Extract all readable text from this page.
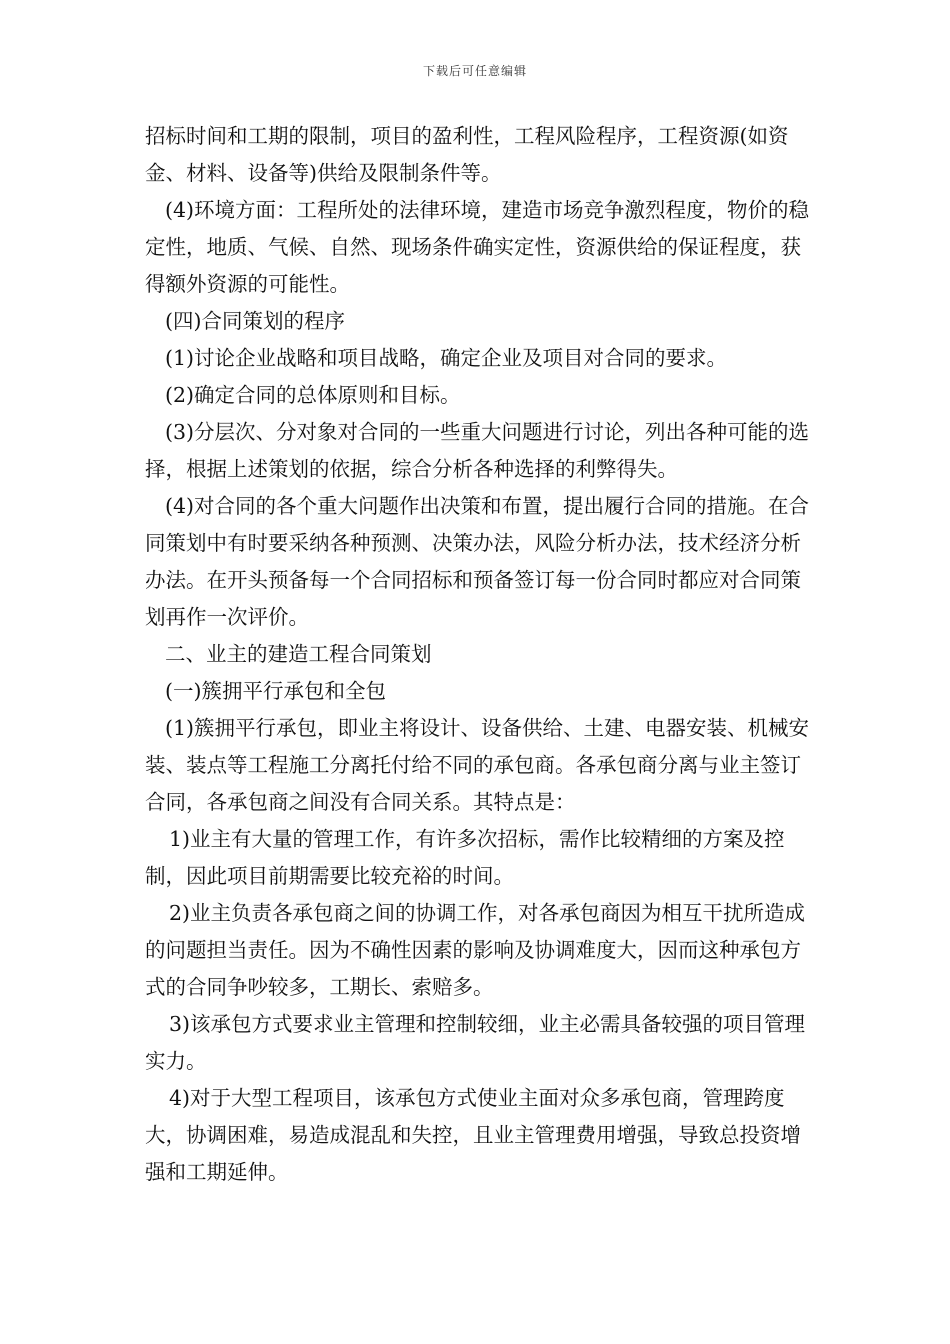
下载后可任意编辑

招标时间和工期的限制，项目的盈利性，工程风险程序，工程资源(如资金、材料、设备等)供给及限制条件等。

(4)环境方面：工程所处的法律环境，建造市场竞争激烈程度，物价的稳定性，地质、气候、自然、现场条件确实定性，资源供给的保证程度，获得额外资源的可能性。

(四)合同策划的程序

(1)讨论企业战略和项目战略，确定企业及项目对合同的要求。

(2)确定合同的总体原则和目标。

(3)分层次、分对象对合同的一些重大问题进行讨论，列出各种可能的选择，根据上述策划的依据，综合分析各种选择的利弊得失。

(4)对合同的各个重大问题作出决策和布置，提出履行合同的措施。在合同策划中有时要采纳各种预测、决策办法，风险分析办法，技术经济分析办法。在开头预备每一个合同招标和预备签订每一份合同时都应对合同策划再作一次评价。

二、业主的建造工程合同策划

(一)簇拥平行承包和全包

(1)簇拥平行承包，即业主将设计、设备供给、土建、电器安装、机械安装、装点等工程施工分离托付给不同的承包商。各承包商分离与业主签订合同，各承包商之间没有合同关系。其特点是：

1)业主有大量的管理工作，有许多次招标，需作比较精细的方案及控制，因此项目前期需要比较充裕的时间。

2)业主负责各承包商之间的协调工作，对各承包商因为相互干扰所造成的问题担当责任。因为不确性因素的影响及协调难度大，因而这种承包方式的合同争吵较多，工期长、索赔多。

3)该承包方式要求业主管理和控制较细，业主必需具备较强的项目管理实力。

4)对于大型工程项目，该承包方式使业主面对众多承包商，管理跨度大，协调困难，易造成混乱和失控，且业主管理费用增强，导致总投资增强和工期延伸。
